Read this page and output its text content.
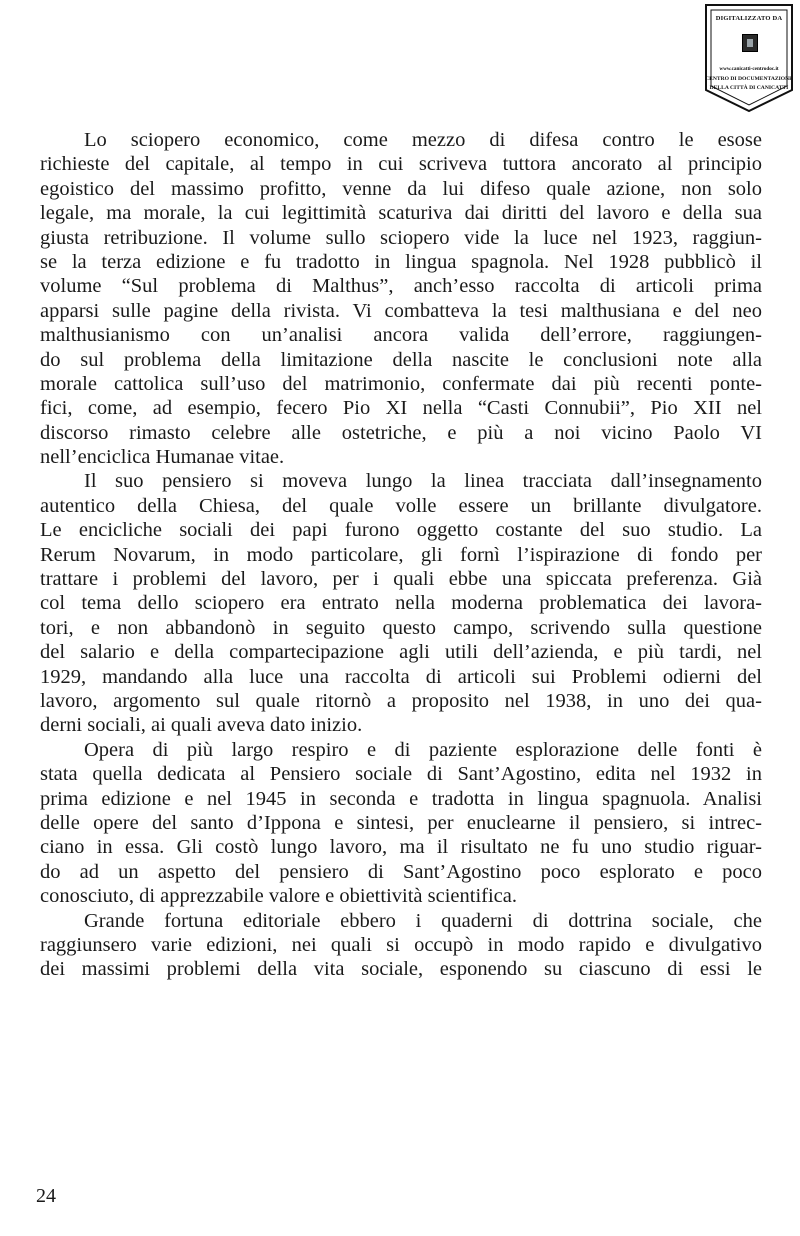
DIGITALIZZATO DA
www.canicatti-centrodoc.it
CENTRO DI DOCUMENTAZIONE
DELLA CITTÀ DI CANICATTÌ
Lo sciopero economico, come mezzo di difesa contro le esose
richieste del capitale, al tempo in cui scriveva tuttora ancorato al principio
egoistico del massimo profitto, venne da lui difeso quale azione, non solo
legale, ma morale, la cui legittimità scaturiva dai diritti del lavoro e della sua
giusta retribuzione. Il volume sullo sciopero vide la luce nel 1923, raggiun-
se la terza edizione e fu tradotto in lingua spagnola. Nel 1928 pubblicò il
volume “Sul problema di Malthus”, anch’esso raccolta di articoli prima
apparsi sulle pagine della rivista. Vi combatteva la tesi malthusiana e del neo
malthusianismo con un’analisi ancora valida dell’errore, raggiungen-
do sul problema della limitazione della nascite le conclusioni note alla
morale cattolica sull’uso del matrimonio, confermate dai più recenti ponte-
fici, come, ad esempio, fecero Pio XI nella “Casti Connubii”, Pio XII nel
discorso rimasto celebre alle ostetriche, e più a noi vicino Paolo VI
nell’enciclica Humanae vitae.
Il suo pensiero si moveva lungo la linea tracciata dall’insegnamento
autentico della Chiesa, del quale volle essere un brillante divulgatore.
Le encicliche sociali dei papi furono oggetto costante del suo studio. La
Rerum Novarum, in modo particolare, gli fornì l’ispirazione di fondo per
trattare i problemi del lavoro, per i quali ebbe una spiccata preferenza. Già
col tema dello sciopero era entrato nella moderna problematica dei lavora-
tori, e non abbandonò in seguito questo campo, scrivendo sulla questione
del salario e della compartecipazione agli utili dell’azienda, e più tardi, nel
1929, mandando alla luce una raccolta di articoli sui Problemi odierni del
lavoro, argomento sul quale ritornò a proposito nel 1938, in uno dei qua-
derni sociali, ai quali aveva dato inizio.
Opera di più largo respiro e di paziente esplorazione delle fonti è
stata quella dedicata al Pensiero sociale di Sant’Agostino, edita nel 1932 in
prima edizione e nel 1945 in seconda e tradotta in lingua spagnuola. Analisi
delle opere del santo d’Ippona e sintesi, per enuclearne il pensiero, si intrec-
ciano in essa. Gli costò lungo lavoro, ma il risultato ne fu uno studio riguar-
do ad un aspetto del pensiero di Sant’Agostino poco esplorato e poco
conosciuto, di apprezzabile valore e obiettività scientifica.
Grande fortuna editoriale ebbero i quaderni di dottrina sociale, che
raggiunsero varie edizioni, nei quali si occupò in modo rapido e divulgativo
dei massimi problemi della vita sociale, esponendo su ciascuno di essi le
24
